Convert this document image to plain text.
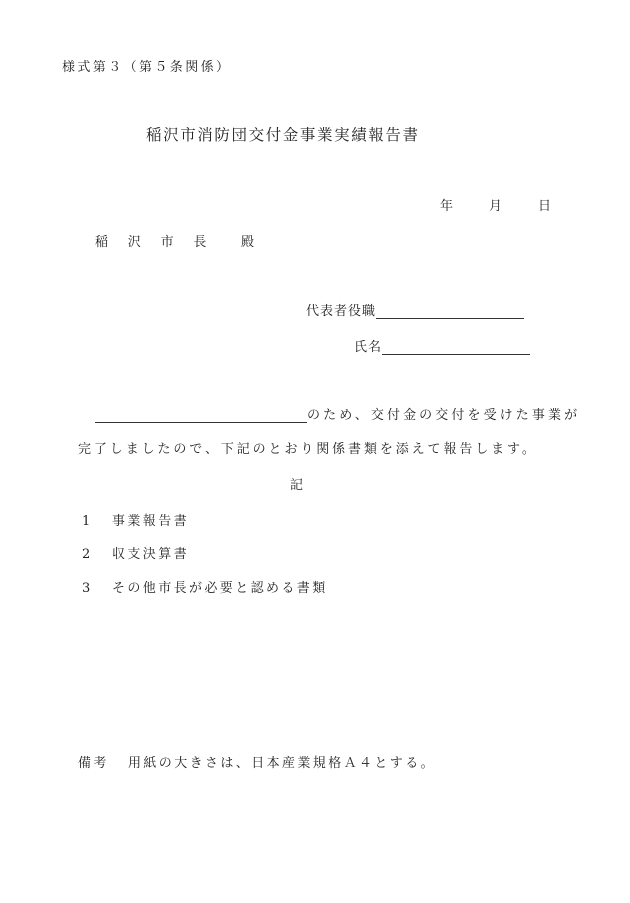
様式第３（第５条関係）
稲沢市消防団交付金事業実績報告書
年	月	日
稲　沢　市　長 殿
代表者役職
氏名
のため、交付金の交付を受けた事業が
完了しましたので、下記のとおり関係書類を添えて報告します。
記
1 事業報告書
2 収支決算書
3 その他市長が必要と認める書類
備考 用紙の大きさは、日本産業規格Ａ４とする。
